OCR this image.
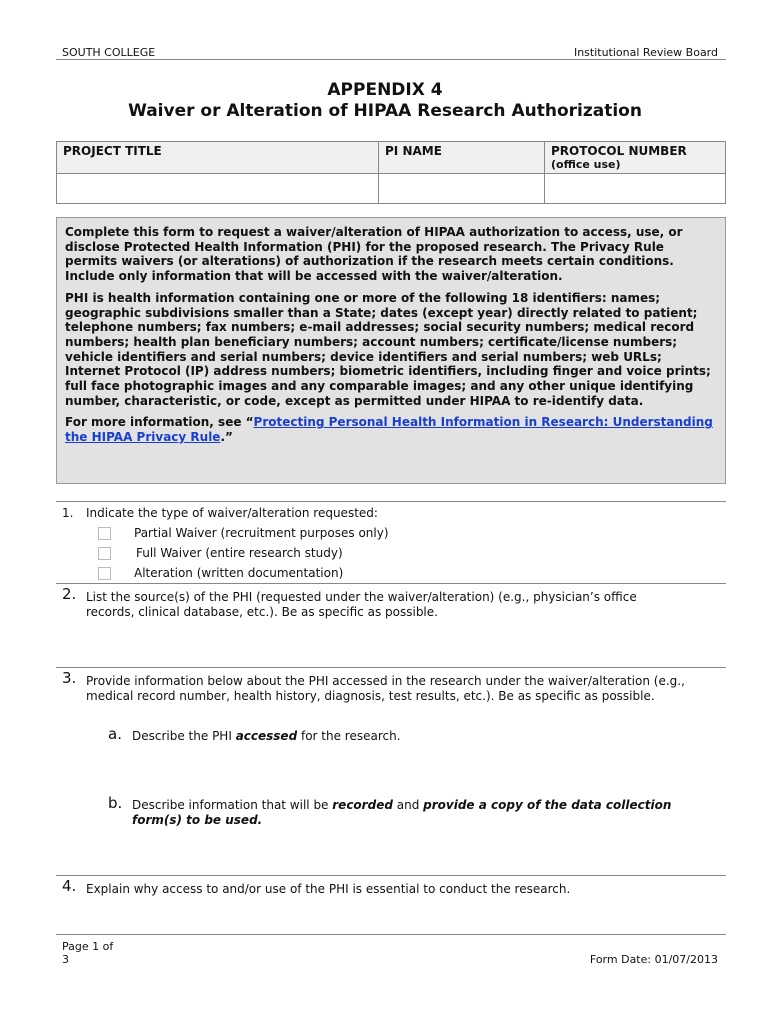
SOUTH COLLEGE	Institutional Review Board
APPENDIX 4
Waiver or Alteration of HIPAA Research Authorization
PROJECT TITLE	PI NAME	PROTOCOL NUMBER
(office use)

Complete this form to request a waiver/alteration of HIPAA authorization to access, use, or disclose Protected Health Information (PHI) for the proposed research. The Privacy Rule permits waivers (or alterations) of authorization if the research meets certain conditions. Include only information that will be accessed with the waiver/alteration.

PHI is health information containing one or more of the following 18 identifiers: names; geographic subdivisions smaller than a State; dates (except year) directly related to patient; telephone numbers; fax numbers; e-mail addresses; social security numbers; medical record numbers; health plan beneficiary numbers; account numbers; certificate/license numbers; vehicle identifiers and serial numbers; device identifiers and serial numbers; web URLs; Internet Protocol (IP) address numbers; biometric identifiers, including finger and voice prints; full face photographic images and any comparable images; and any other unique identifying number, characteristic, or code, except as permitted under HIPAA to re-identify data.

For more information, see “Protecting Personal Health Information in Research: Understanding the HIPAA Privacy Rule.”

1. Indicate the type of waiver/alteration requested:
Partial Waiver (recruitment purposes only)
Full Waiver (entire research study)
Alteration (written documentation)
2. List the source(s) of the PHI (requested under the waiver/alteration) (e.g., physician’s office records, clinical database, etc.). Be as specific as possible.
3. Provide information below about the PHI accessed in the research under the waiver/alteration (e.g., medical record number, health history, diagnosis, test results, etc.). Be as specific as possible.
a. Describe the PHI accessed for the research.
b. Describe information that will be recorded and provide a copy of the data collection form(s) to be used.
4. Explain why access to and/or use of the PHI is essential to conduct the research.
Page 1 of
3	Form Date: 01/07/2013
